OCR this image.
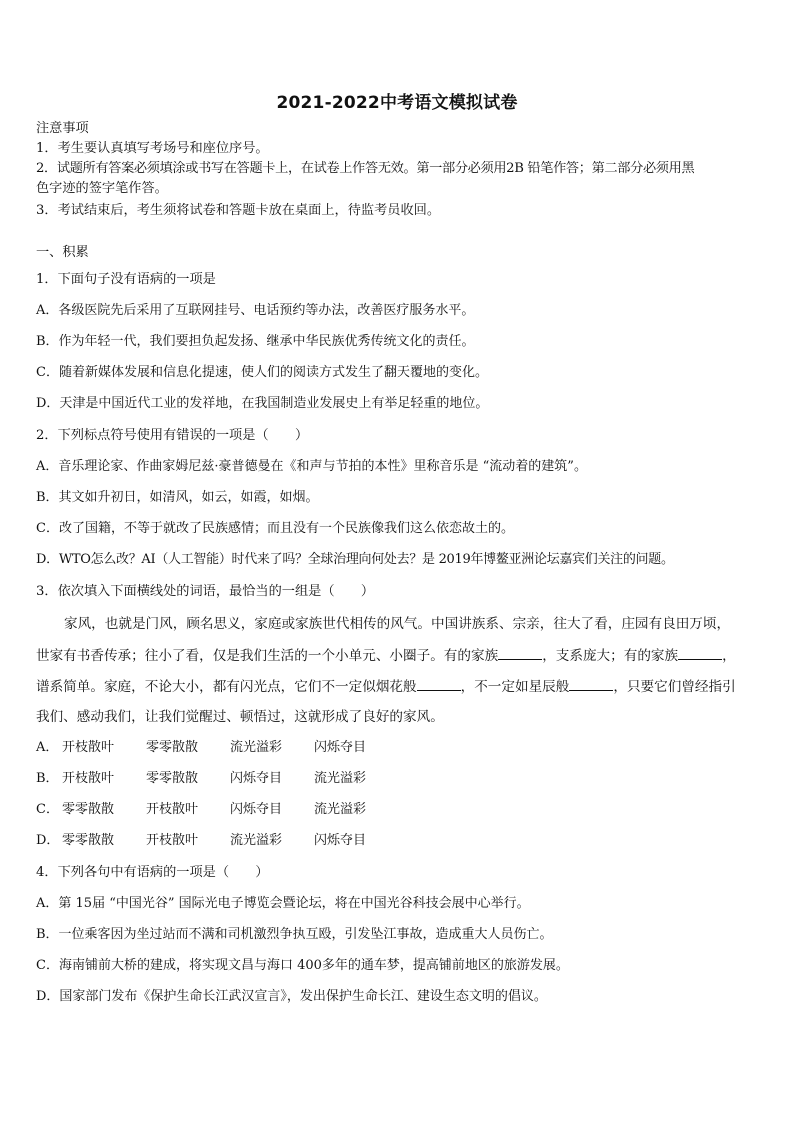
2021-2022中考语文模拟试卷
注意事项
1．考生要认真填写考场号和座位序号。
2．试题所有答案必须填涂或书写在答题卡上，在试卷上作答无效。第一部分必须用2B 铅笔作答；第二部分必须用黑
色字迹的签字笔作答。
3．考试结束后，考生须将试卷和答题卡放在桌面上，待监考员收回。
一、积累
1．下面句子没有语病的一项是
A．各级医院先后采用了互联网挂号、电话预约等办法，改善医疗服务水平。
B．作为年轻一代，我们要担负起发扬、继承中华民族优秀传统文化的责任。
C．随着新媒体发展和信息化提速，使人们的阅读方式发生了翻天覆地的变化。
D．天津是中国近代工业的发祥地，在我国制造业发展史上有举足轻重的地位。
2．下列标点符号使用有错误的一项是（　　）
A．音乐理论家、作曲家姆尼兹·豪普德曼在《和声与节拍的本性》里称音乐是 “流动着的建筑”。
B．其文如升初日，如清风，如云，如霞，如烟。
C．改了国籍，不等于就改了民族感情；而且没有一个民族像我们这么依恋故土的。
D．WTO怎么改？AI（人工智能）时代来了吗？全球治理向何处去？是 2019年博鳌亚洲论坛嘉宾们关注的问题。
3．依次填入下面横线处的词语，最恰当的一组是（　　）
家风，也就是门风，顾名思义，家庭或家族世代相传的风气。中国讲族系、宗亲，往大了看，庄园有良田万顷，
世家有书香传承；往小了看，仅是我们生活的一个小单元、小圈子。有的家族	，支系庞大；有的家族	，
谱系简单。家庭，不论大小，都有闪光点，它们不一定似烟花般	，不一定如星辰般	，只要它们曾经指引
我们、感动我们，让我们觉醒过、顿悟过，这就形成了良好的家风。
A． 开枝散叶 零零散散 流光溢彩 闪烁夺目
B． 开枝散叶 零零散散 闪烁夺目 流光溢彩
C． 零零散散 开枝散叶 闪烁夺目 流光溢彩
D． 零零散散 开枝散叶 流光溢彩 闪烁夺目
4．下列各句中有语病的一项是（　　）
A．第 15届 “中国光谷” 国际光电子博览会暨论坛，将在中国光谷科技会展中心举行。
B．一位乘客因为坐过站而不满和司机激烈争执互殴，引发坠江事故，造成重大人员伤亡。
C．海南铺前大桥的建成，将实现文昌与海口 400多年的通车梦，提高铺前地区的旅游发展。
D．国家部门发布《保护生命长江武汉宣言》，发出保护生命长江、建设生态文明的倡议。
